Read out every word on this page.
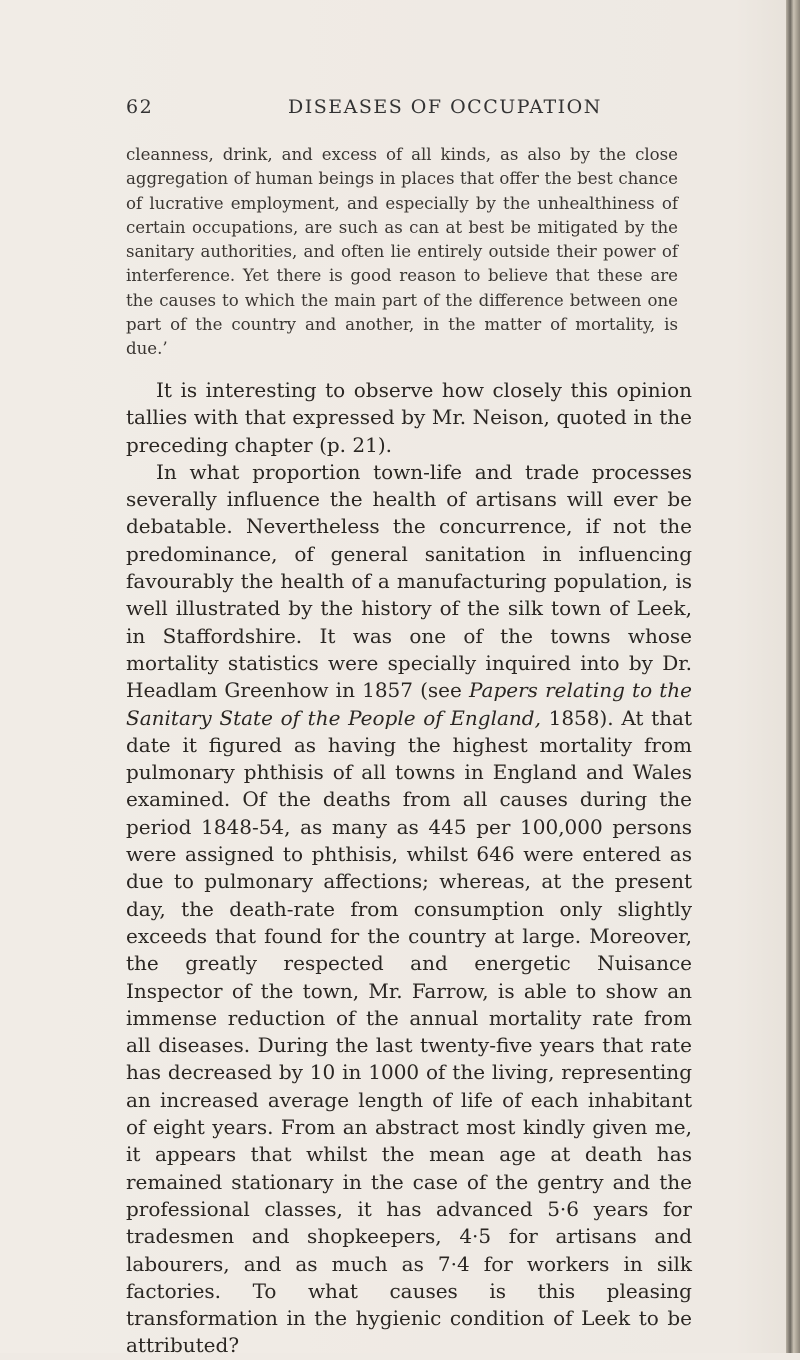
62	DISEASES OF OCCUPATION

cleanness, drink, and excess of all kinds, as also by the close aggregation of human beings in places that offer the best chance of lucrative employment, and especially by the unhealthiness of certain occupations, are such as can at best be mitigated by the sanitary authorities, and often lie entirely outside their power of interference. Yet there is good reason to believe that these are the causes to which the main part of the difference between one part of the country and another, in the matter of mortality, is due.’

It is interesting to observe how closely this opinion tallies with that expressed by Mr. Neison, quoted in the preceding chapter (p. 21).

In what proportion town-life and trade processes severally influence the health of artisans will ever be debatable. Nevertheless the concurrence, if not the predominance, of general sanitation in influencing favourably the health of a manufacturing population, is well illustrated by the history of the silk town of Leek, in Staffordshire. It was one of the towns whose mortality statistics were specially inquired into by Dr. Headlam Greenhow in 1857 (see Papers relating to the Sanitary State of the People of England, 1858). At that date it figured as having the highest mortality from pulmonary phthisis of all towns in England and Wales examined. Of the deaths from all causes during the period 1848-54, as many as 445 per 100,000 persons were assigned to phthisis, whilst 646 were entered as due to pulmonary affections; whereas, at the present day, the death-rate from consumption only slightly exceeds that found for the country at large. Moreover, the greatly respected and energetic Nuisance Inspector of the town, Mr. Farrow, is able to show an immense reduction of the annual mortality rate from all diseases. During the last twenty-five years that rate has decreased by 10 in 1000 of the living, representing an increased average length of life of each inhabitant of eight years. From an abstract most kindly given me, it appears that whilst the mean age at death has remained stationary in the case of the gentry and the professional classes, it has advanced 5·6 years for tradesmen and shopkeepers, 4·5 for artisans and labourers, and as much as 7·4 for workers in silk factories. To what causes is this pleasing transformation in the hygienic condition of Leek to be attributed?
